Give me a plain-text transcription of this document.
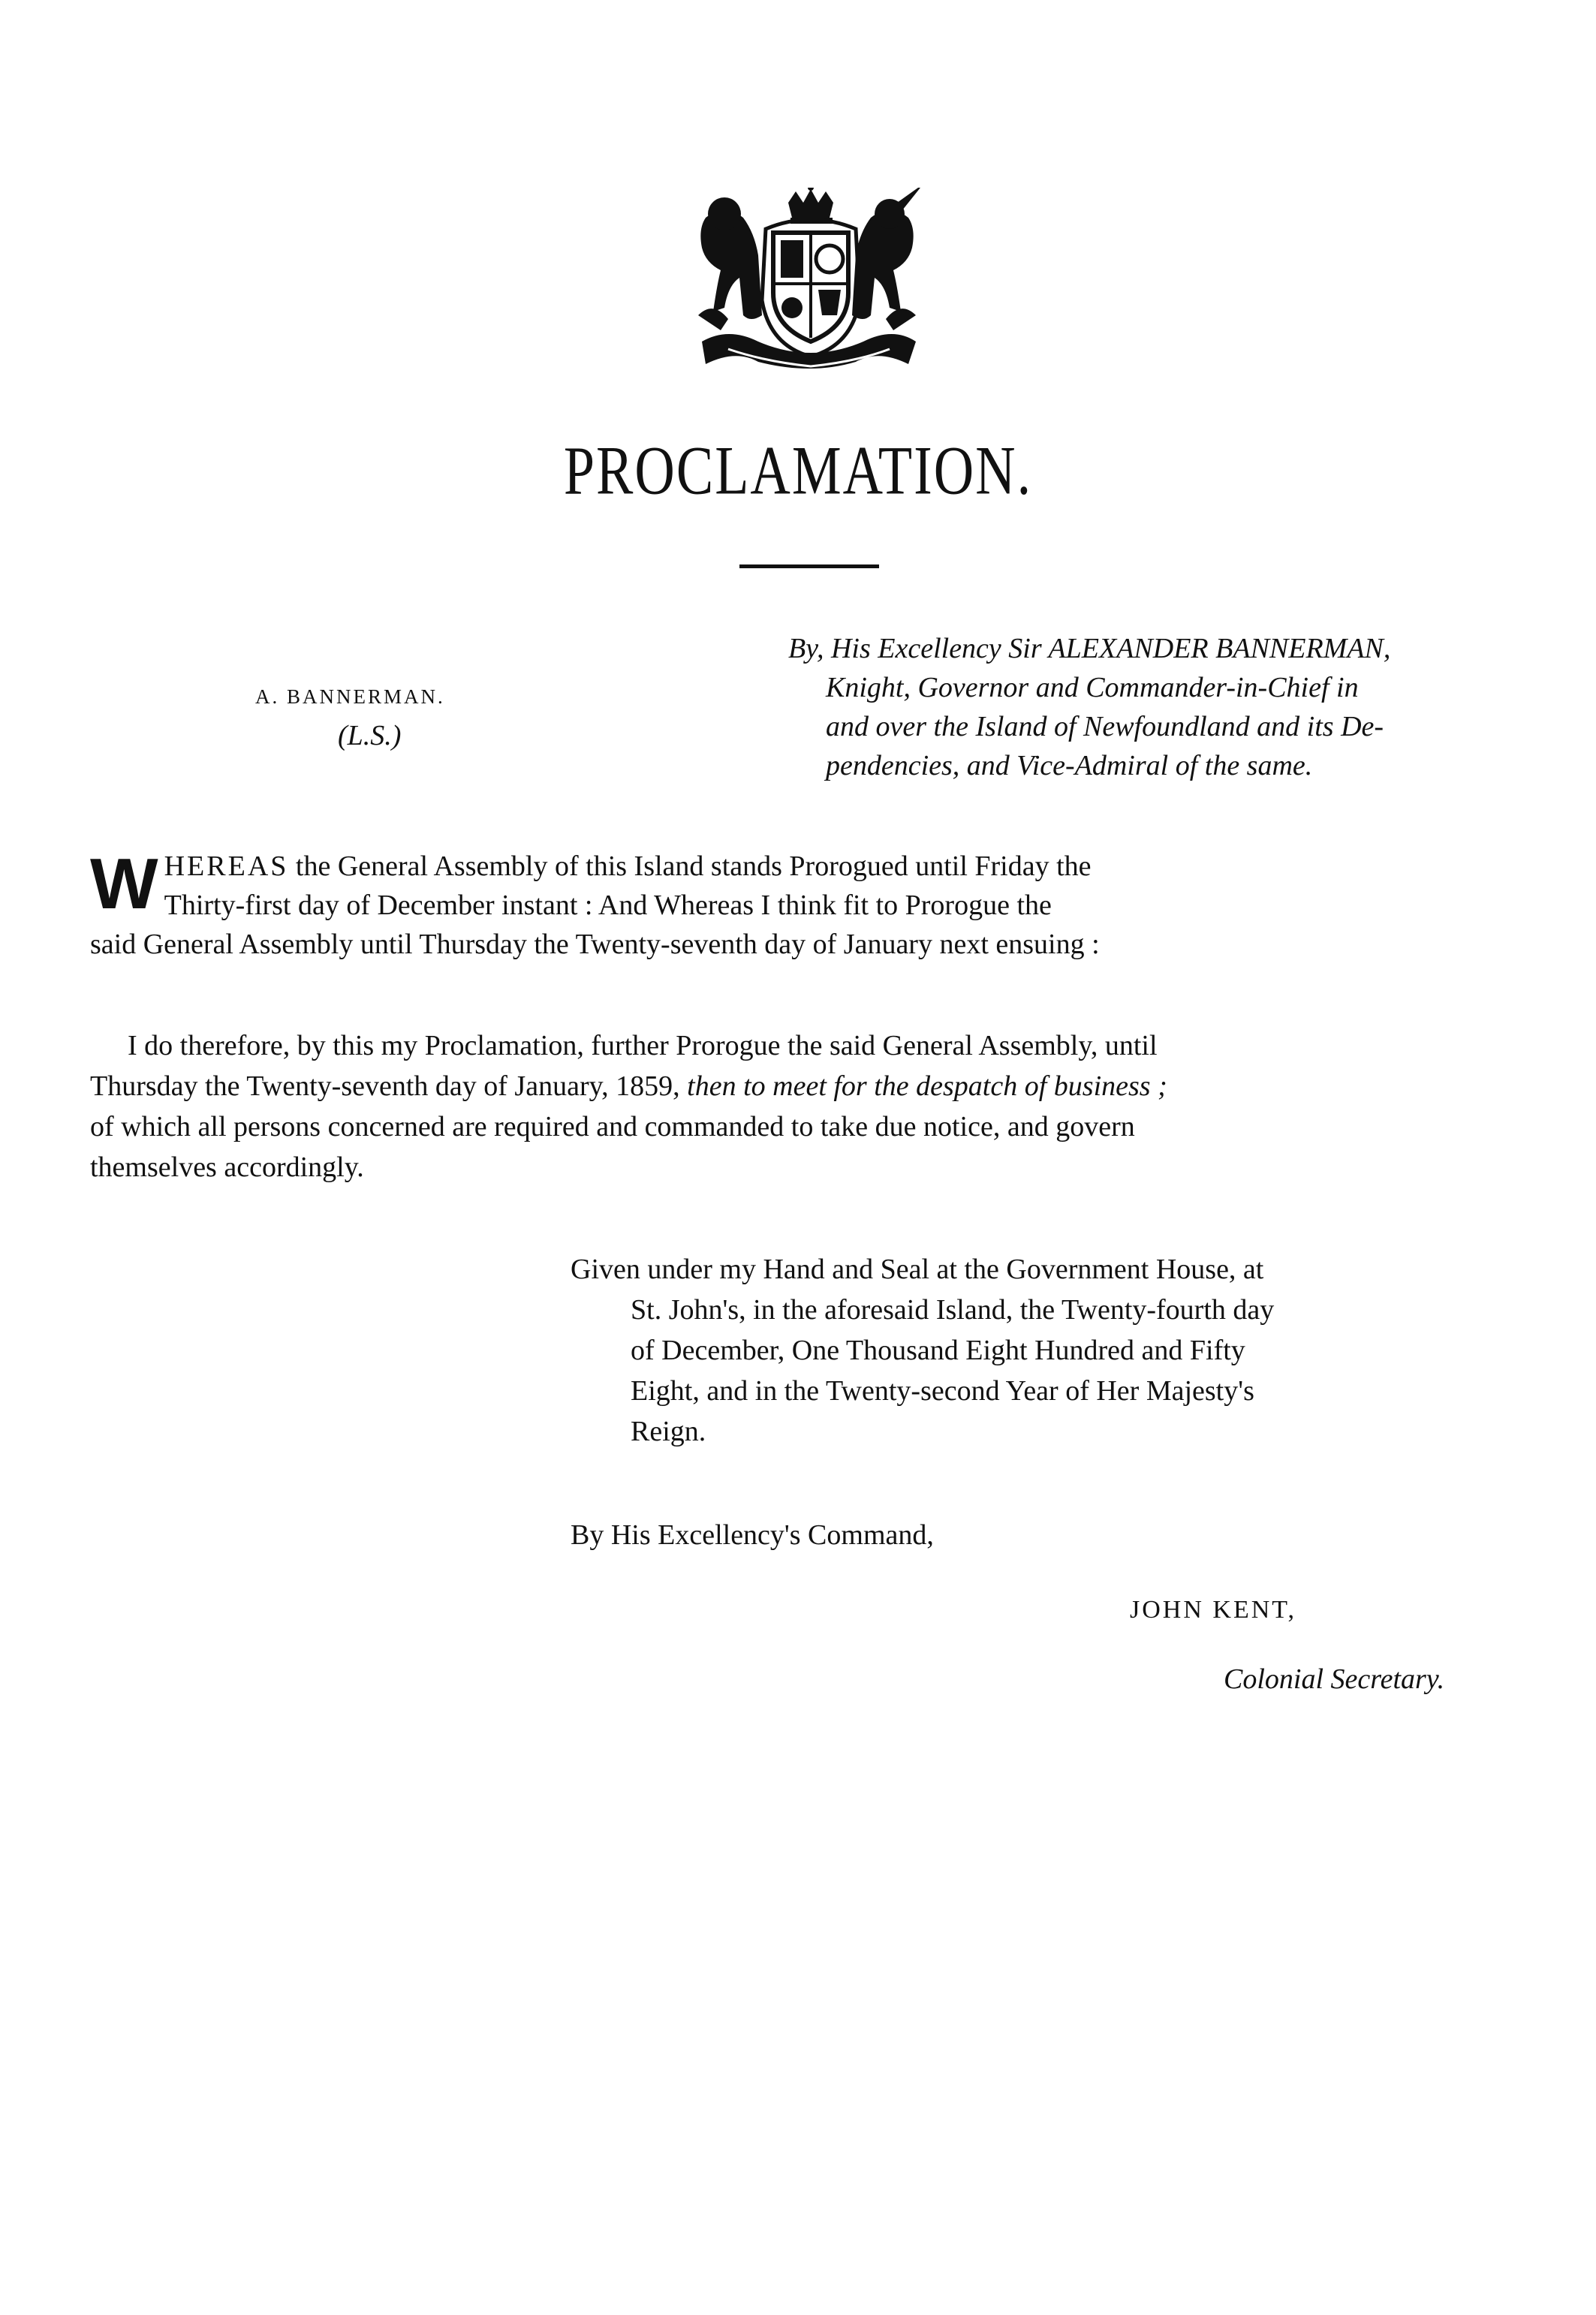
PROCLAMATION.
A. BANNERMAN.
(L.S.)
By, His Excellency Sir ALEXANDER BANNERMAN,
Knight, Governor and Commander-in-Chief in
and over the Island of Newfoundland and its De-
pendencies, and Vice-Admiral of the same.
W HEREAS the General Assembly of this Island stands Prorogued until Friday the
Thirty-first day of December instant : And Whereas I think fit to Prorogue the
said General Assembly until Thursday the Twenty-seventh day of January next ensuing :
I do therefore, by this my Proclamation, further Prorogue the said General Assembly, until
Thursday the Twenty-seventh day of January, 1859, then to meet for the despatch of business ;
of which all persons concerned are required and commanded to take due notice, and govern
themselves accordingly.
Given under my Hand and Seal at the Government House, at
St. John's, in the aforesaid Island, the Twenty-fourth day
of December, One Thousand Eight Hundred and Fifty
Eight, and in the Twenty-second Year of Her Majesty's
Reign.
By His Excellency's Command,
JOHN KENT,
Colonial Secretary.
